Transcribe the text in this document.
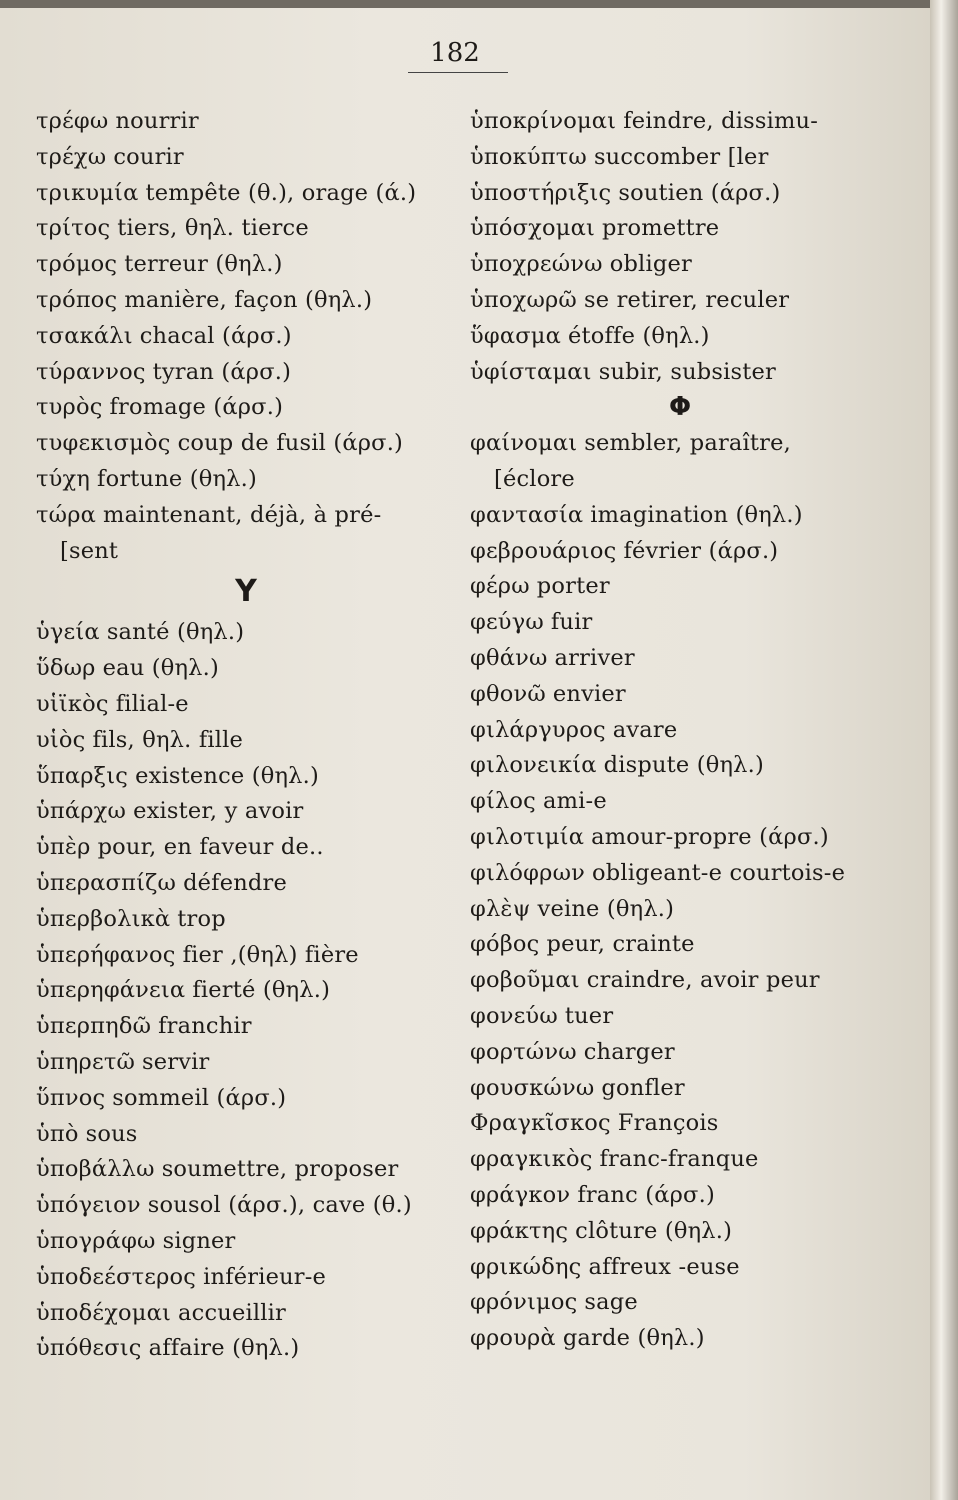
182
τρέφω nourrir
τρέχω courir
τρικυμία tempête (θ.), orage (ά.)
τρίτος tiers, θηλ. tierce
τρόμος terreur (θηλ.)
τρόπος manière, façon (θηλ.)
τσακάλι chacal (άρσ.)
τύραννος tyran (άρσ.)
τυρὸς fromage (άρσ.)
τυφεκισμὸς coup de fusil (άρσ.)
τύχη fortune (θηλ.)
τώρα maintenant, déjà, à pré-
[sent
Y
ὑγεία santé (θηλ.)
ὕδωρ eau (θηλ.)
υἱϊκὸς filial-e
υἱὸς fils, θηλ. fille
ὕπαρξις existence (θηλ.)
ὑπάρχω exister, y avoir
ὑπὲρ pour, en faveur de..
ὑπερασπίζω défendre
ὑπερβολικὰ trop
ὑπερήφανος fier ,(θηλ) fière
ὑπερηφάνεια fierté (θηλ.)
ὑπερπηδῶ franchir
ὑπηρετῶ servir
ὕπνος sommeil (άρσ.)
ὑπὸ sous
ὑποβάλλω soumettre, proposer
ὑπόγειον sousol (άρσ.), cave (θ.)
ὑπογράφω signer
ὑποδεέστερος inférieur-e
ὑποδέχομαι accueillir
ὑπόθεσις affaire (θηλ.)
ὑποκρίνομαι feindre, dissimu-
ὑποκύπτω succomber [ler
ὑποστήριξις soutien (άρσ.)
ὑπόσχομαι promettre
ὑποχρεώνω obliger
ὑποχωρῶ se retirer, reculer
ὕφασμα étoffe (θηλ.)
ὑφίσταμαι subir, subsister
Φ
φαίνομαι sembler, paraître,
[éclore
φαντασία imagination (θηλ.)
φεβρουάριος février (άρσ.)
φέρω porter
φεύγω fuir
φθάνω arriver
φθονῶ envier
φιλάργυρος avare
φιλονεικία dispute (θηλ.)
φίλος ami-e
φιλοτιμία amour-propre (άρσ.)
φιλόφρων obligeant-e courtois-e
φλὲψ veine (θηλ.)
φόβος peur, crainte
φοβοῦμαι craindre, avoir peur
φονεύω tuer
φορτώνω charger
φουσκώνω gonfler
Φραγκῖσκος François
φραγκικὸς franc-franque
φράγκον franc (άρσ.)
φράκτης clôture (θηλ.)
φρικώδης affreux -euse
φρόνιμος sage
φρουρὰ garde (θηλ.)
